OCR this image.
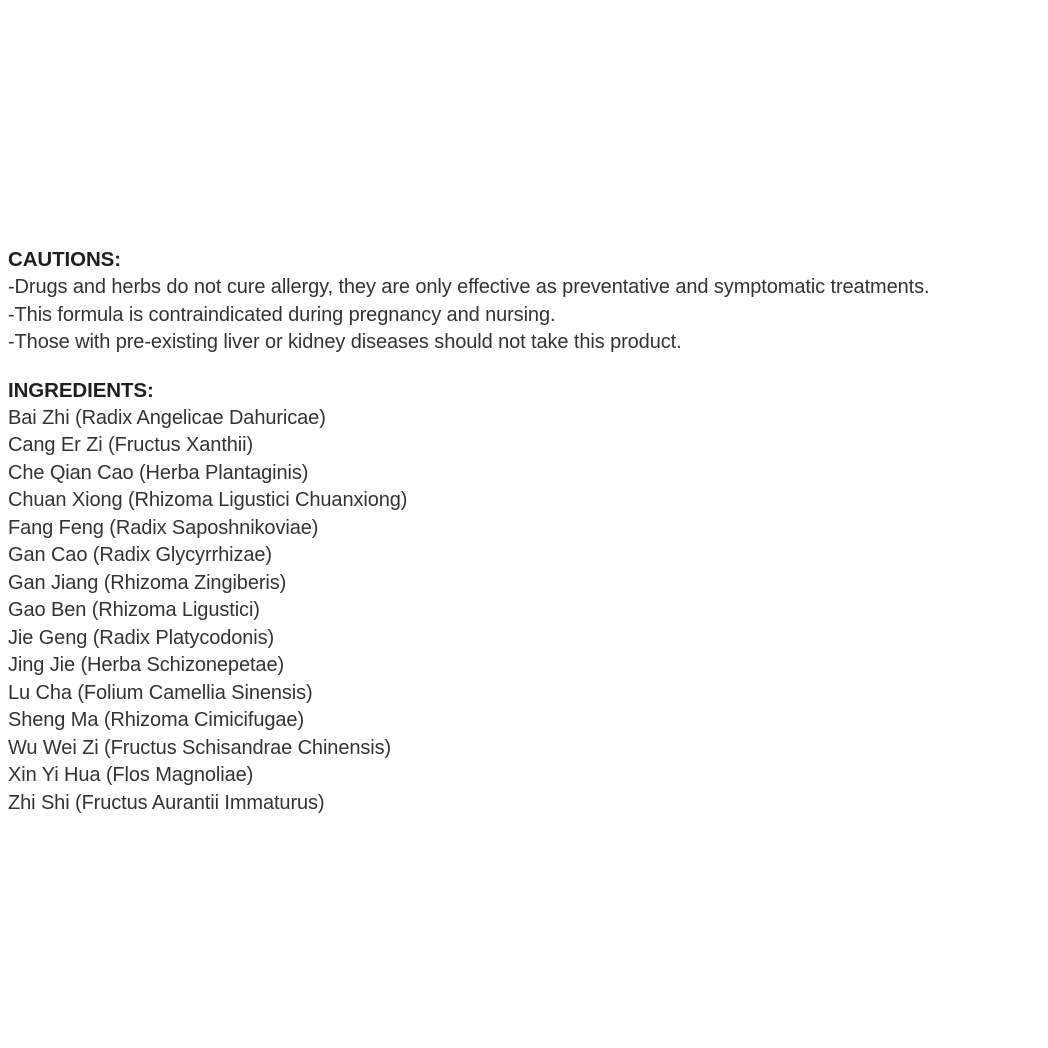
CAUTIONS:

-Drugs and herbs do not cure allergy, they are only effective as preventative and symptomatic treatments.

-This formula is contraindicated during pregnancy and nursing.

-Those with pre-existing liver or kidney diseases should not take this product.

INGREDIENTS:
Bai Zhi (Radix Angelicae Dahuricae)
Cang Er Zi (Fructus Xanthii)
Che Qian Cao (Herba Plantaginis)
Chuan Xiong (Rhizoma Ligustici Chuanxiong)
Fang Feng (Radix Saposhnikoviae)
Gan Cao (Radix Glycyrrhizae)
Gan Jiang (Rhizoma Zingiberis)
Gao Ben (Rhizoma Ligustici)
Jie Geng (Radix Platycodonis)
Jing Jie (Herba Schizonepetae)
Lu Cha (Folium Camellia Sinensis)
Sheng Ma (Rhizoma Cimicifugae)
Wu Wei Zi (Fructus Schisandrae Chinensis)
Xin Yi Hua (Flos Magnoliae)
Zhi Shi (Fructus Aurantii Immaturus)
